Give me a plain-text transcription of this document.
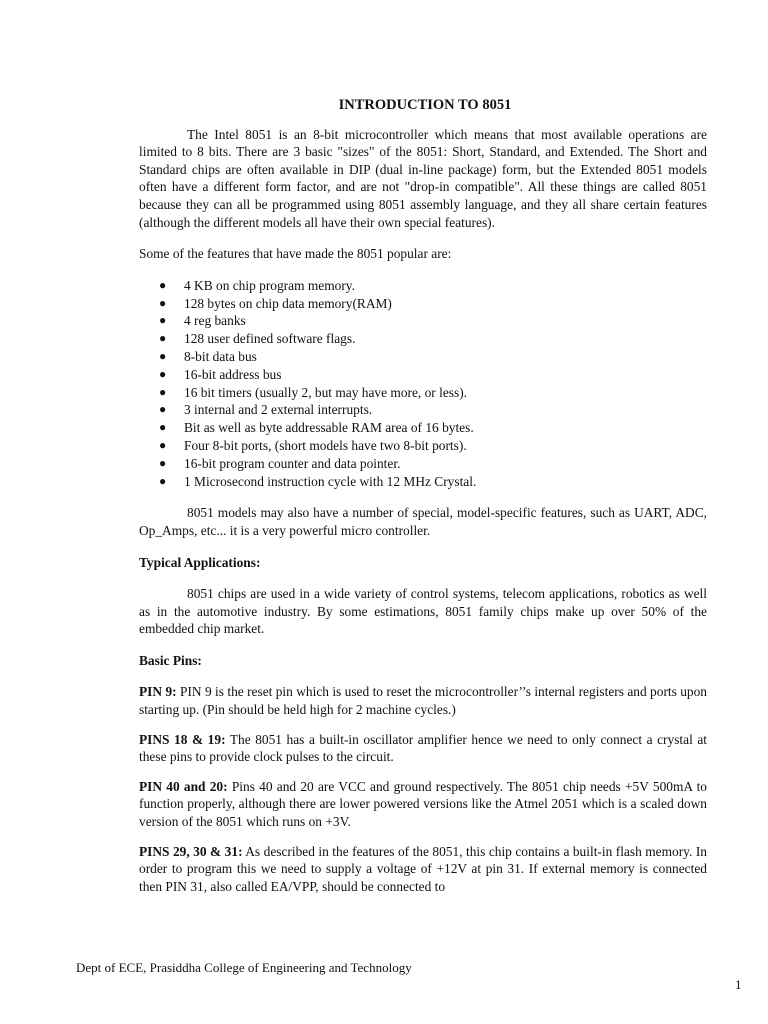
INTRODUCTION TO 8051

The Intel 8051 is an 8-bit microcontroller which means that most available operations are limited to 8 bits. There are 3 basic "sizes" of the 8051: Short, Standard, and Extended. The Short and Standard chips are often available in DIP (dual in-line package) form, but the Extended 8051 models often have a different form factor, and are not "drop-in compatible". All these things are called 8051 because they can all be programmed using 8051 assembly language, and they all share certain features (although the different models all have their own special features).

Some of the features that have made the 8051 popular are:

● 4 KB on chip program memory.
● 128 bytes on chip data memory(RAM)
● 4 reg banks
● 128 user defined software flags.
● 8-bit data bus
● 16-bit address bus
● 16 bit timers (usually 2, but may have more, or less).
● 3 internal and 2 external interrupts.
● Bit as well as byte addressable RAM area of 16 bytes.
● Four 8-bit ports, (short models have two 8-bit ports).
● 16-bit program counter and data pointer.
● 1 Microsecond instruction cycle with 12 MHz Crystal.

8051 models may also have a number of special, model-specific features, such as UART, ADC, Op_Amps, etc... it is a very powerful micro controller.

Typical Applications:

8051 chips are used in a wide variety of control systems, telecom applications, robotics as well as in the automotive industry. By some estimations, 8051 family chips make up over 50% of the embedded chip market.

Basic Pins:

PIN 9: PIN 9 is the reset pin which is used to reset the microcontroller’’s internal registers and ports upon starting up. (Pin should be held high for 2 machine cycles.)

PINS 18 & 19: The 8051 has a built-in oscillator amplifier hence we need to only connect a crystal at these pins to provide clock pulses to the circuit.

PIN 40 and 20: Pins 40 and 20 are VCC and ground respectively. The 8051 chip needs +5V 500mA to function properly, although there are lower powered versions like the Atmel 2051 which is a scaled down version of the 8051 which runs on +3V.

PINS 29, 30 & 31: As described in the features of the 8051, this chip contains a built-in flash memory. In order to program this we need to supply a voltage of +12V at pin 31. If external memory is connected then PIN 31, also called EA/VPP, should be connected to

Dept of ECE, Prasiddha College of Engineering and Technology
1
